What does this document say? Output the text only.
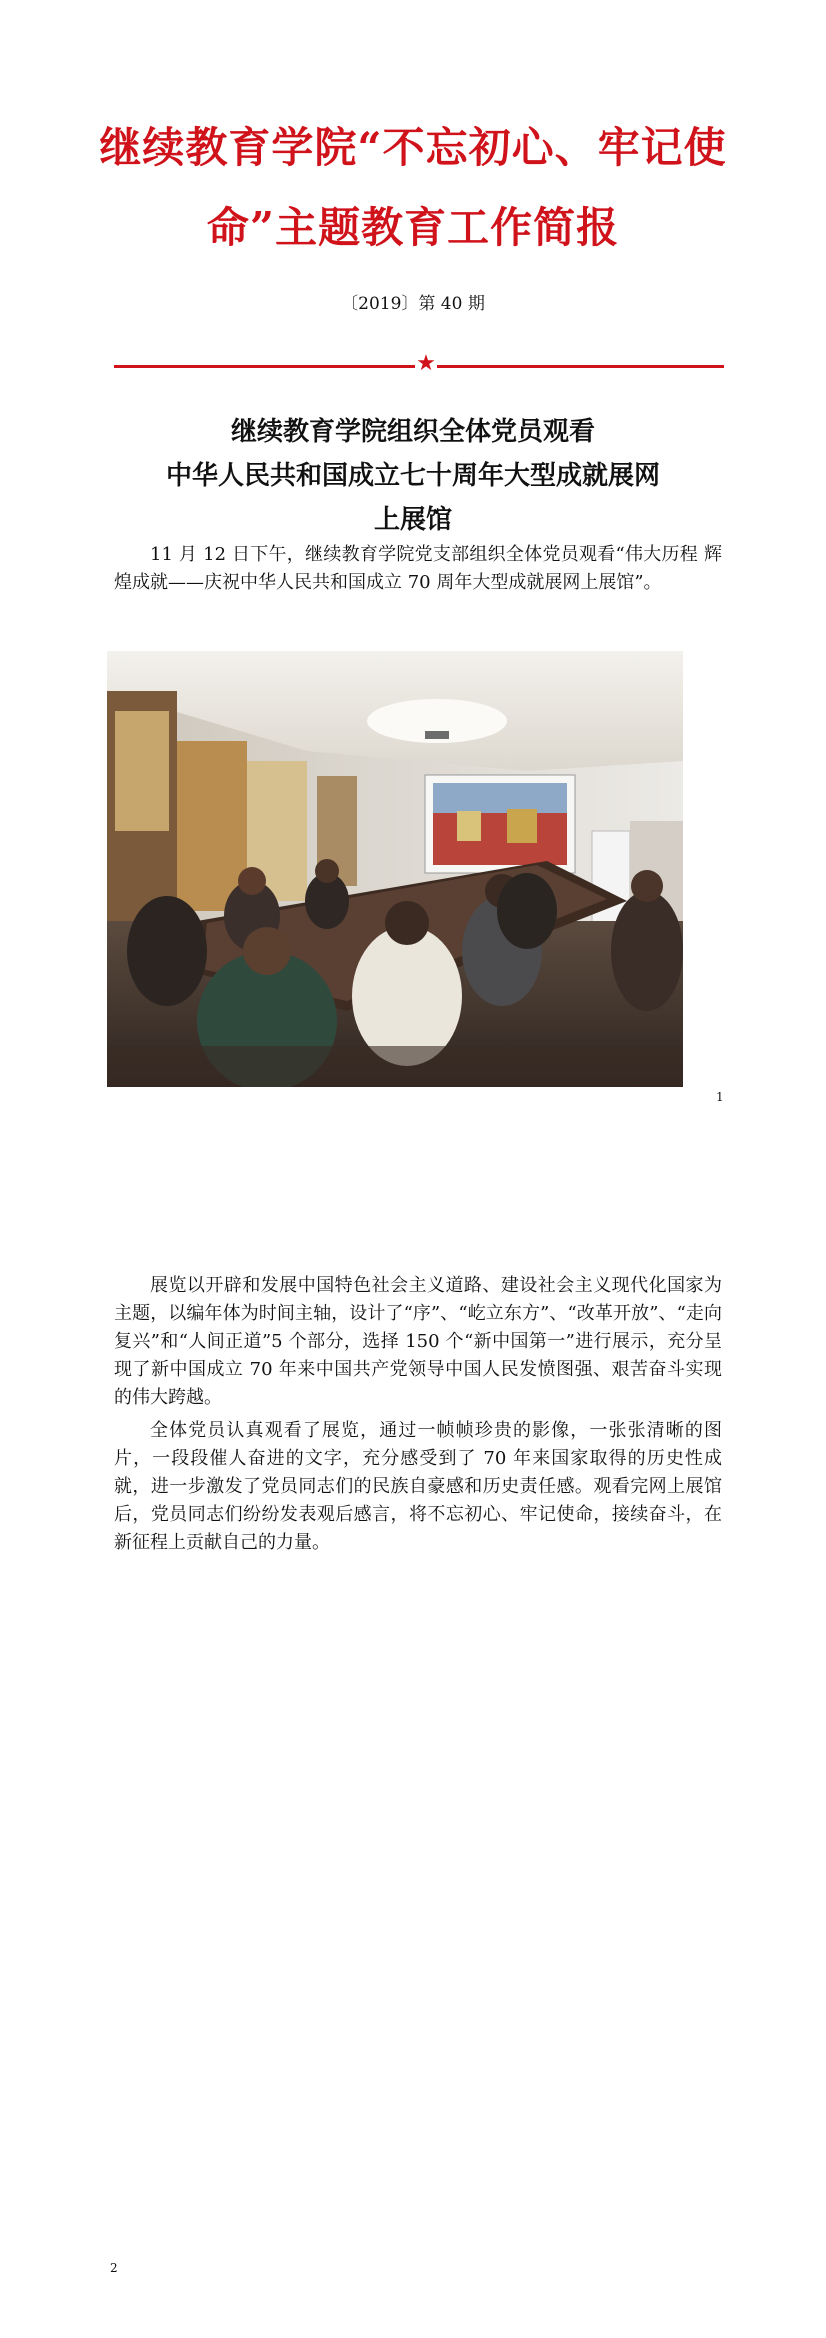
继续教育学院“不忘初心、牢记使
命”主题教育工作简报
〔2019〕第 40 期
★
继续教育学院组织全体党员观看
中华人民共和国成立七十周年大型成就展网
上展馆

11 月 12 日下午，继续教育学院党支部组织全体党员观看“伟大历程 辉煌成就——庆祝中华人民共和国成立 70 周年大型成就展网上展馆”。

1

展览以开辟和发展中国特色社会主义道路、建设社会主义现代化国家为主题，以编年体为时间主轴，设计了“序”、“屹立东方”、“改革开放”、“走向复兴”和“人间正道”5 个部分，选择 150 个“新中国第一”进行展示，充分呈现了新中国成立 70 年来中国共产党领导中国人民发愤图强、艰苦奋斗实现的伟大跨越。

全体党员认真观看了展览，通过一帧帧珍贵的影像，一张张清晰的图片，一段段催人奋进的文字，充分感受到了 70 年来国家取得的历史性成就，进一步激发了党员同志们的民族自豪感和历史责任感。观看完网上展馆后，党员同志们纷纷发表观后感言，将不忘初心、牢记使命，接续奋斗，在新征程上贡献自己的力量。

2
